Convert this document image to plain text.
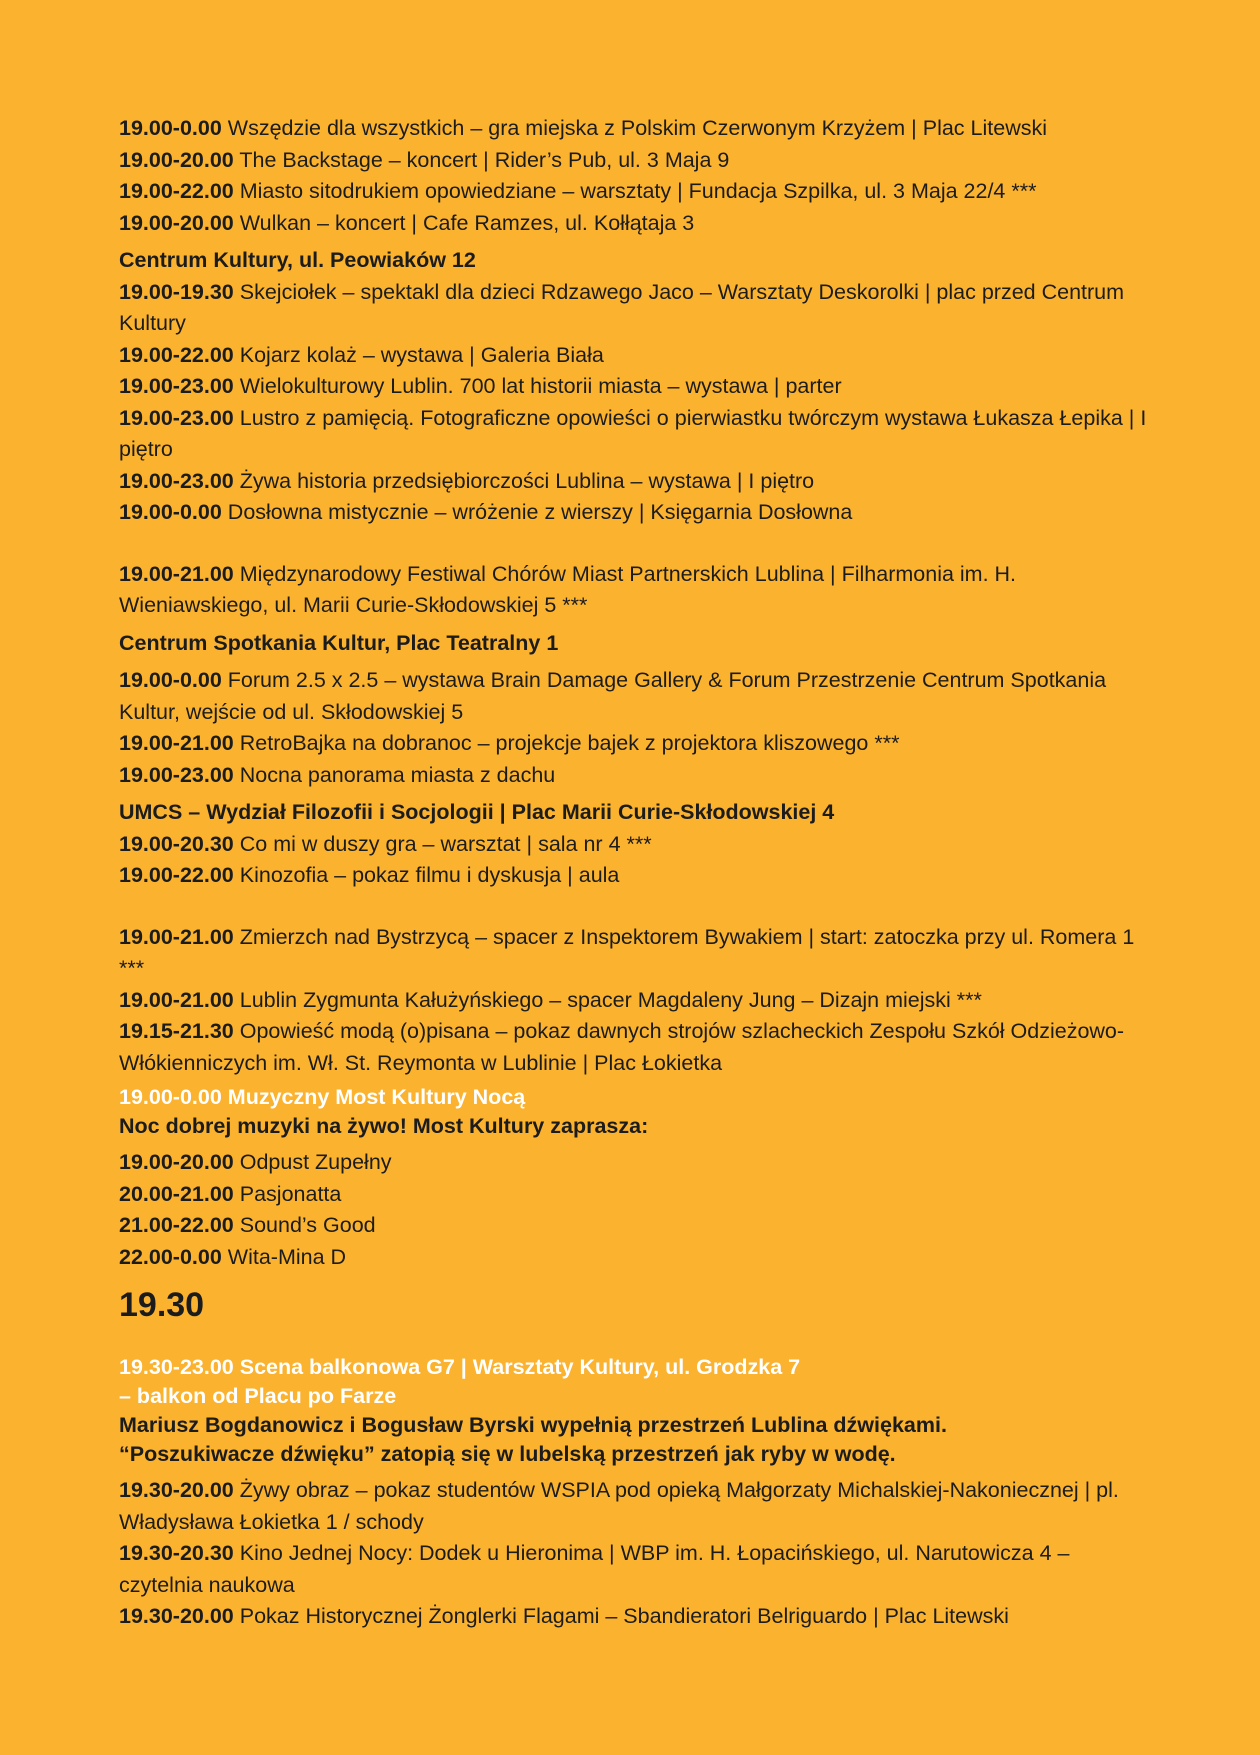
19.00-0.00 Wszędzie dla wszystkich – gra miejska z Polskim Czerwonym Krzyżem | Plac Litewski
19.00-20.00 The Backstage – koncert | Rider’s Pub, ul. 3 Maja 9
19.00-22.00 Miasto sitodrukiem opowiedziane – warsztaty | Fundacja Szpilka, ul. 3 Maja 22/4 ***
19.00-20.00 Wulkan – koncert | Cafe Ramzes, ul. Kołłątaja 3
Centrum Kultury, ul. Peowiaków 12
19.00-19.30 Skejciołek – spektakl dla dzieci Rdzawego Jaco – Warsztaty Deskorolki | plac przed Centrum Kultury
19.00-22.00 Kojarz kolaż – wystawa | Galeria Biała
19.00-23.00 Wielokulturowy Lublin. 700 lat historii miasta – wystawa | parter
19.00-23.00 Lustro z pamięcią. Fotograficzne opowieści o pierwiastku twórczym wystawa Łukasza Łepika | I piętro
19.00-23.00 Żywa historia przedsiębiorczości Lublina – wystawa | I piętro
19.00-0.00 Dosłowna mistycznie – wróżenie z wierszy | Księgarnia Dosłowna
19.00-21.00 Międzynarodowy Festiwal Chórów Miast Partnerskich Lublina | Filharmonia im. H. Wieniawskiego, ul. Marii Curie-Skłodowskiej 5 ***
Centrum Spotkania Kultur, Plac Teatralny 1
19.00-0.00 Forum 2.5 x 2.5 – wystawa Brain Damage Gallery & Forum Przestrzenie Centrum Spotkania Kultur, wejście od ul. Skłodowskiej 5
19.00-21.00 RetroBajka na dobranoc – projekcje bajek z projektora kliszowego ***
19.00-23.00 Nocna panorama miasta z dachu
UMCS – Wydział Filozofii i Socjologii | Plac Marii Curie-Skłodowskiej 4
19.00-20.30 Co mi w duszy gra – warsztat | sala nr 4 ***
19.00-22.00 Kinozofia – pokaz filmu i dyskusja | aula
19.00-21.00 Zmierzch nad Bystrzycą – spacer z Inspektorem Bywakiem | start: zatoczka przy ul. Romera 1 ***
19.00-21.00 Lublin Zygmunta Kałużyńskiego – spacer Magdaleny Jung – Dizajn miejski ***
19.15-21.30 Opowieść modą (o)pisana – pokaz dawnych strojów szlacheckich Zespołu Szkół Odzieżowo-Włókienniczych im. Wł. St. Reymonta w Lublinie | Plac Łokietka
19.00-0.00 Muzyczny Most Kultury Nocą
Noc dobrej muzyki na żywo! Most Kultury zaprasza:
19.00-20.00 Odpust Zupełny
20.00-21.00 Pasjonatta
21.00-22.00 Sound’s Good
22.00-0.00 Wita-Mina D
19.30
19.30-23.00 Scena balkonowa G7 | Warsztaty Kultury, ul. Grodzka 7
– balkon od Placu po Farze
Mariusz Bogdanowicz i Bogusław Byrski wypełnią przestrzeń Lublina dźwiękami.
“Poszukiwacze dźwięku” zatopią się w lubelską przestrzeń jak ryby w wodę.
19.30-20.00 Żywy obraz – pokaz studentów WSPIA pod opieką Małgorzaty Michalskiej-Nakoniecznej | pl. Władysława Łokietka 1 / schody
19.30-20.30 Kino Jednej Nocy: Dodek u Hieronima | WBP im. H. Łopacińskiego, ul. Narutowicza 4 – czytelnia naukowa
19.30-20.00 Pokaz Historycznej Żonglerki Flagami – Sbandieratori Belriguardo | Plac Litewski
